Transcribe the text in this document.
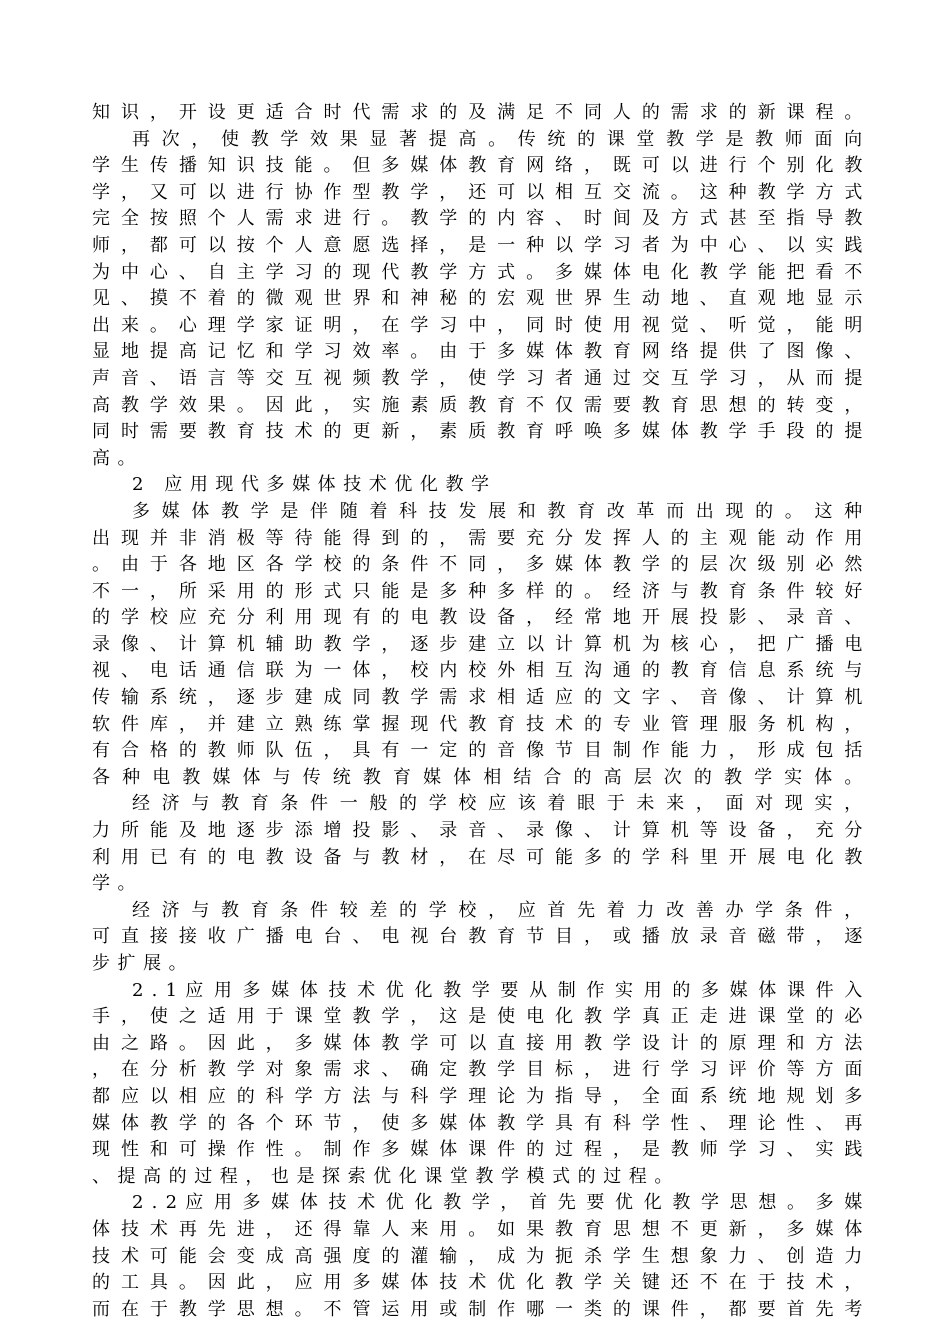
知 识 ， 开 设 更 适 合 时 代 需 求 的 及 满 足 不 同 人 的 需 求 的 新 课 程 。
再 次 ， 使 教 学 效 果 显 著 提 高 。 传 统 的 课 堂 教 学 是 教 师 面 向
学 生 传 播 知 识 技 能 。 但 多 媒 体 教 育 网 络 ， 既 可 以 进 行 个 别 化 教
学 ， 又 可 以 进 行 协 作 型 教 学 ， 还 可 以 相 互 交 流 。 这 种 教 学 方 式
完 全 按 照 个 人 需 求 进 行 。 教 学 的 内 容 、 时 间 及 方 式 甚 至 指 导 教
师 ， 都 可 以 按 个 人 意 愿 选 择 ， 是 一 种 以 学 习 者 为 中 心 、 以 实 践
为 中 心 、 自 主 学 习 的 现 代 教 学 方 式 。 多 媒 体 电 化 教 学 能 把 看 不
见 、 摸 不 着 的 微 观 世 界 和 神 秘 的 宏 观 世 界 生 动 地 、 直 观 地 显 示
出 来 。 心 理 学 家 证 明 ， 在 学 习 中 ， 同 时 使 用 视 觉 、 听 觉 ， 能 明
显 地 提 高 记 忆 和 学 习 效 率 。 由 于 多 媒 体 教 育 网 络 提 供 了 图 像 、
声 音 、 语 言 等 交 互 视 频 教 学 ， 使 学 习 者 通 过 交 互 学 习 ， 从 而 提
高 教 学 效 果 。 因 此 ， 实 施 素 质 教 育 不 仅 需 要 教 育 思 想 的 转 变 ，
同 时 需 要 教 育 技 术 的 更 新 ， 素 质 教 育 呼 唤 多 媒 体 教 学 手 段 的 提
高。
2 应用现代多媒体技术优化教学
多 媒 体 教 学 是 伴 随 着 科 技 发 展 和 教 育 改 革 而 出 现 的 。 这 种
出 现 并 非 消 极 等 待 能 得 到 的 ， 需 要 充 分 发 挥 人 的 主 观 能 动 作 用
。 由 于 各 地 区 各 学 校 的 条 件 不 同 ， 多 媒 体 教 学 的 层 次 级 别 必 然
不 一 ， 所 采 用 的 形 式 只 能 是 多 种 多 样 的 。 经 济 与 教 育 条 件 较 好
的 学 校 应 充 分 利 用 现 有 的 电 教 设 备 ， 经 常 地 开 展 投 影 、 录 音 、
录 像 、 计 算 机 辅 助 教 学 ， 逐 步 建 立 以 计 算 机 为 核 心 ， 把 广 播 电
视 、 电 话 通 信 联 为 一 体 ， 校 内 校 外 相 互 沟 通 的 教 育 信 息 系 统 与
传 输 系 统 ， 逐 步 建 成 同 教 学 需 求 相 适 应 的 文 字 、 音 像 、 计 算 机
软 件 库 ， 并 建 立 熟 练 掌 握 现 代 教 育 技 术 的 专 业 管 理 服 务 机 构 ，
有 合 格 的 教 师 队 伍 ， 具 有 一 定 的 音 像 节 目 制 作 能 力 ， 形 成 包 括
各 种 电 教 媒 体 与 传 统 教 育 媒 体 相 结 合 的 高 层 次 的 教 学 实 体 。
经 济 与 教 育 条 件 一 般 的 学 校 应 该 着 眼 于 未 来 ， 面 对 现 实 ，
力 所 能 及 地 逐 步 添 增 投 影 、 录 音 、 录 像 、 计 算 机 等 设 备 ， 充 分
利 用 已 有 的 电 教 设 备 与 教 材 ， 在 尽 可 能 多 的 学 科 里 开 展 电 化 教
学。
经 济 与 教 育 条 件 较 差 的 学 校 ， 应 首 先 着 力 改 善 办 学 条 件 ，
可 直 接 接 收 广 播 电 台 、 电 视 台 教 育 节 目 ， 或 播 放 录 音 磁 带 ， 逐
步扩展。
2 . 1 应 用 多 媒 体 技 术 优 化 教 学 要 从 制 作 实 用 的 多 媒 体 课 件 入
手 ， 使 之 适 用 于 课 堂 教 学 ， 这 是 使 电 化 教 学 真 正 走 进 课 堂 的 必
由 之 路 。 因 此 ， 多 媒 体 教 学 可 以 直 接 用 教 学 设 计 的 原 理 和 方 法
， 在 分 析 教 学 对 象 需 求 、 确 定 教 学 目 标 ， 进 行 学 习 评 价 等 方 面
都 应 以 相 应 的 科 学 方 法 与 科 学 理 论 为 指 导 ， 全 面 系 统 地 规 划 多
媒 体 教 学 的 各 个 环 节 ， 使 多 媒 体 教 学 具 有 科 学 性 、 理 论 性 、 再
现 性 和 可 操 作 性 。 制 作 多 媒 体 课 件 的 过 程 ， 是 教 师 学 习 、 实 践
、提高的过程，也是探索优化课堂教学模式的过程。
2 . 2 应 用 多 媒 体 技 术 优 化 教 学 ， 首 先 要 优 化 教 学 思 想 。 多 媒
体 技 术 再 先 进 ， 还 得 靠 人 来 用 。 如 果 教 育 思 想 不 更 新 ， 多 媒 体
技 术 可 能 会 变 成 高 强 度 的 灌 输 ， 成 为 扼 杀 学 生 想 象 力 、 创 造 力
的 工 具 。 因 此 ， 应 用 多 媒 体 技 术 优 化 教 学 关 键 还 不 在 于 技 术 ，
而 在 于 教 学 思 想 。 不 管 运 用 或 制 作 哪 一 类 的 课 件 ， 都 要 首 先 考
